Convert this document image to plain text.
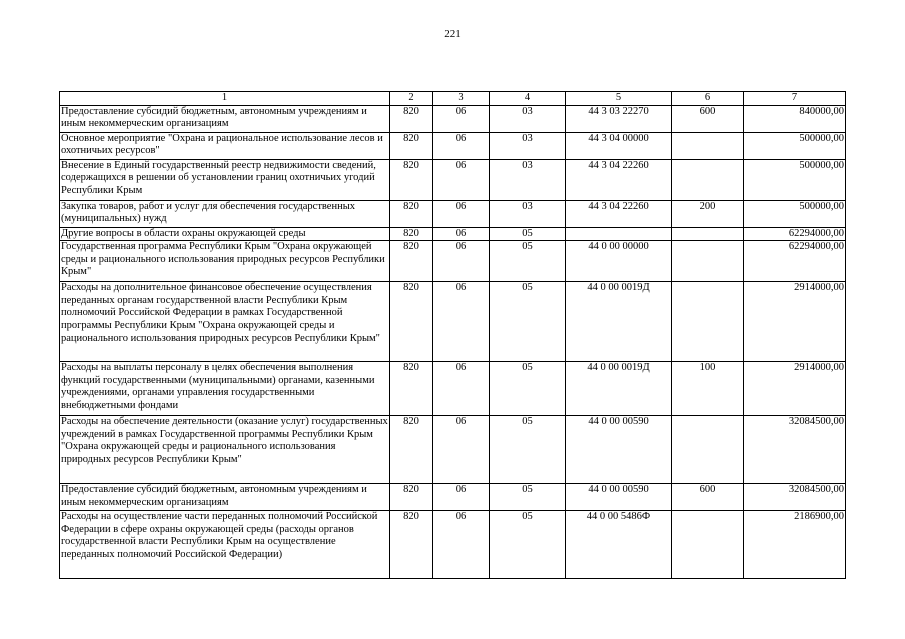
221
1	2	3	4	5	6	7
Предоставление субсидий бюджетным, автономным учреждениям и иным некоммерческим организациям	820	06	03	44 3 03 22270	600	840000,00
Основное мероприятие "Охрана и рациональное использование лесов и охотничьих ресурсов"	820	06	03	44 3 04 00000		500000,00
Внесение в Единый государственный реестр недвижимости сведений, содержащихся в решении об установлении границ охотничьих угодий Республики Крым	820	06	03	44 3 04 22260		500000,00
Закупка товаров, работ и услуг для обеспечения государственных (муниципальных) нужд	820	06	03	44 3 04 22260	200	500000,00
Другие вопросы в области охраны окружающей среды	820	06	05			62294000,00
Государственная программа Республики Крым "Охрана окружающей среды и рационального использования природных ресурсов Республики Крым"	820	06	05	44 0 00 00000		62294000,00
Расходы на дополнительное финансовое обеспечение осуществления переданных органам государственной власти Республики Крым полномочий Российской Федерации в рамках Государственной программы Республики Крым "Охрана окружающей среды и рационального использования природных ресурсов Республики Крым"	820	06	05	44 0 00 0019Д		2914000,00
Расходы на выплаты персоналу в целях обеспечения выполнения функций государственными (муниципальными) органами, казенными учреждениями, органами управления государственными внебюджетными фондами	820	06	05	44 0 00 0019Д	100	2914000,00
Расходы на обеспечение деятельности (оказание услуг) государственных учреждений в рамках Государственной программы Республики Крым "Охрана окружающей среды и рационального использования природных ресурсов Республики Крым"	820	06	05	44 0 00 00590		32084500,00
Предоставление субсидий бюджетным, автономным учреждениям и иным некоммерческим организациям	820	06	05	44 0 00 00590	600	32084500,00
Расходы на осуществление части переданных полномочий Российской Федерации в сфере охраны окружающей среды (расходы органов государственной власти Республики Крым на осуществление переданных полномочий Российской Федерации)	820	06	05	44 0 00 5486Ф		2186900,00
